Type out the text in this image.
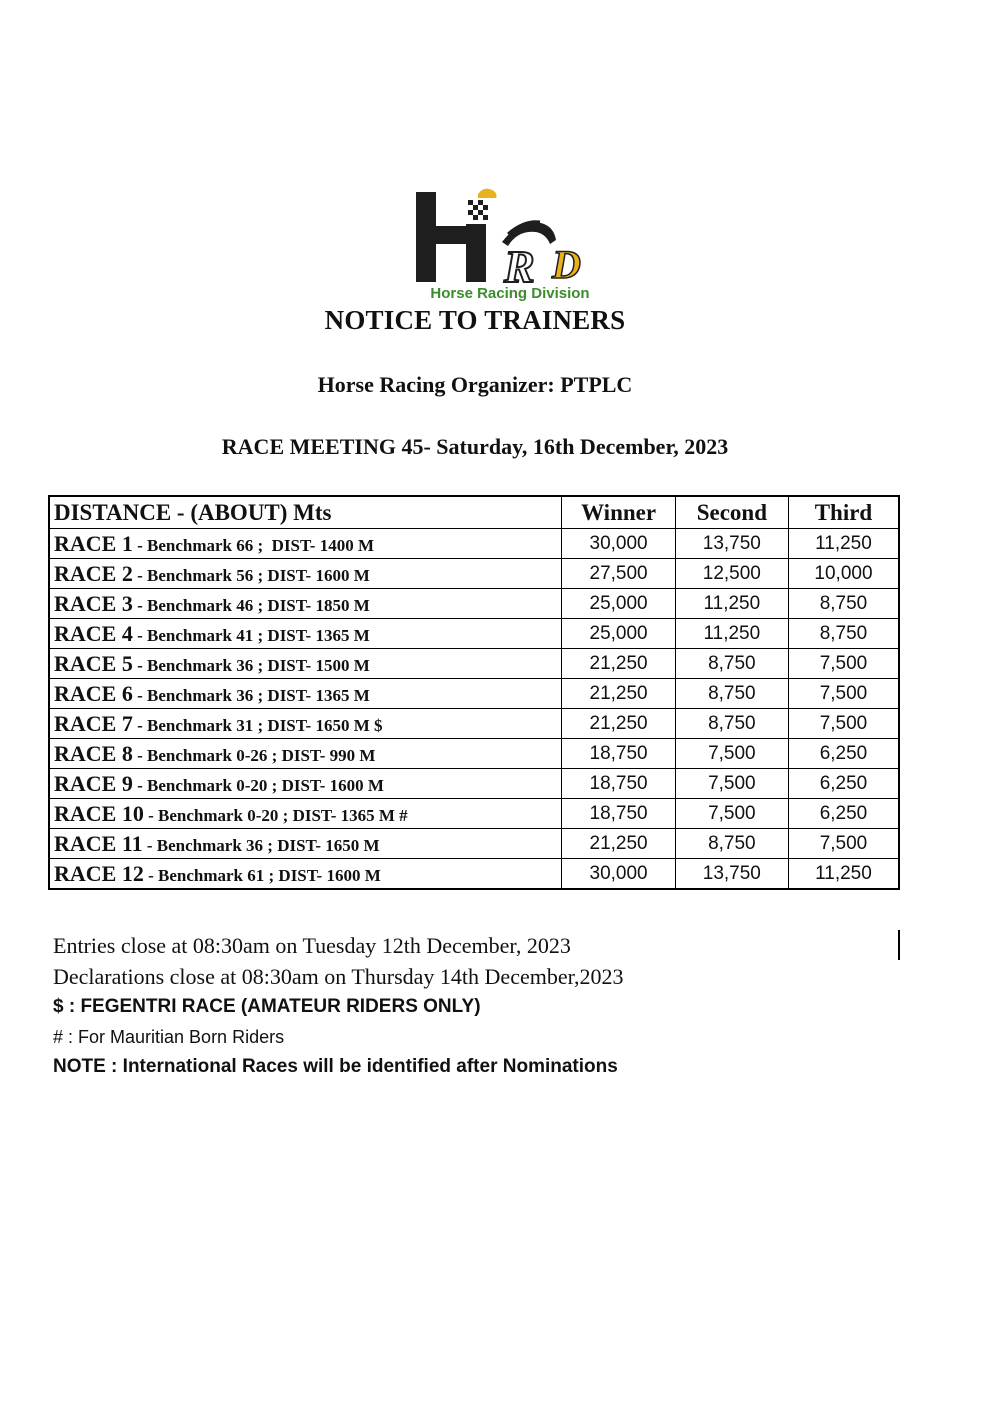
R D
Horse Racing Division
NOTICE TO TRAINERS
Horse Racing Organizer: PTPLC
RACE MEETING 45- Saturday, 16th December, 2023
DISTANCE - (ABOUT) Mts	Winner	Second	Third
RACE 1 - Benchmark 66 ;  DIST- 1400 M	30,000	13,750	11,250
RACE 2 - Benchmark 56 ; DIST- 1600 M	27,500	12,500	10,000
RACE 3 - Benchmark 46 ; DIST- 1850 M	25,000	11,250	8,750
RACE 4 - Benchmark 41 ; DIST- 1365 M	25,000	11,250	8,750
RACE 5 - Benchmark 36 ; DIST- 1500 M	21,250	8,750	7,500
RACE 6 - Benchmark 36 ; DIST- 1365 M	21,250	8,750	7,500
RACE 7 - Benchmark 31 ; DIST- 1650 M $	21,250	8,750	7,500
RACE 8 - Benchmark 0-26 ; DIST- 990 M	18,750	7,500	6,250
RACE 9 - Benchmark 0-20 ; DIST- 1600 M	18,750	7,500	6,250
RACE 10 - Benchmark 0-20 ; DIST- 1365 M #	18,750	7,500	6,250
RACE 11 - Benchmark 36 ; DIST- 1650 M	21,250	8,750	7,500
RACE 12 - Benchmark 61 ; DIST- 1600 M	30,000	13,750	11,250
Entries close at 08:30am on Tuesday 12th December, 2023
Declarations close at 08:30am on Thursday 14th December,2023
$ : FEGENTRI RACE (AMATEUR RIDERS ONLY)
# : For Mauritian Born Riders
NOTE : International Races will be identified after Nominations
